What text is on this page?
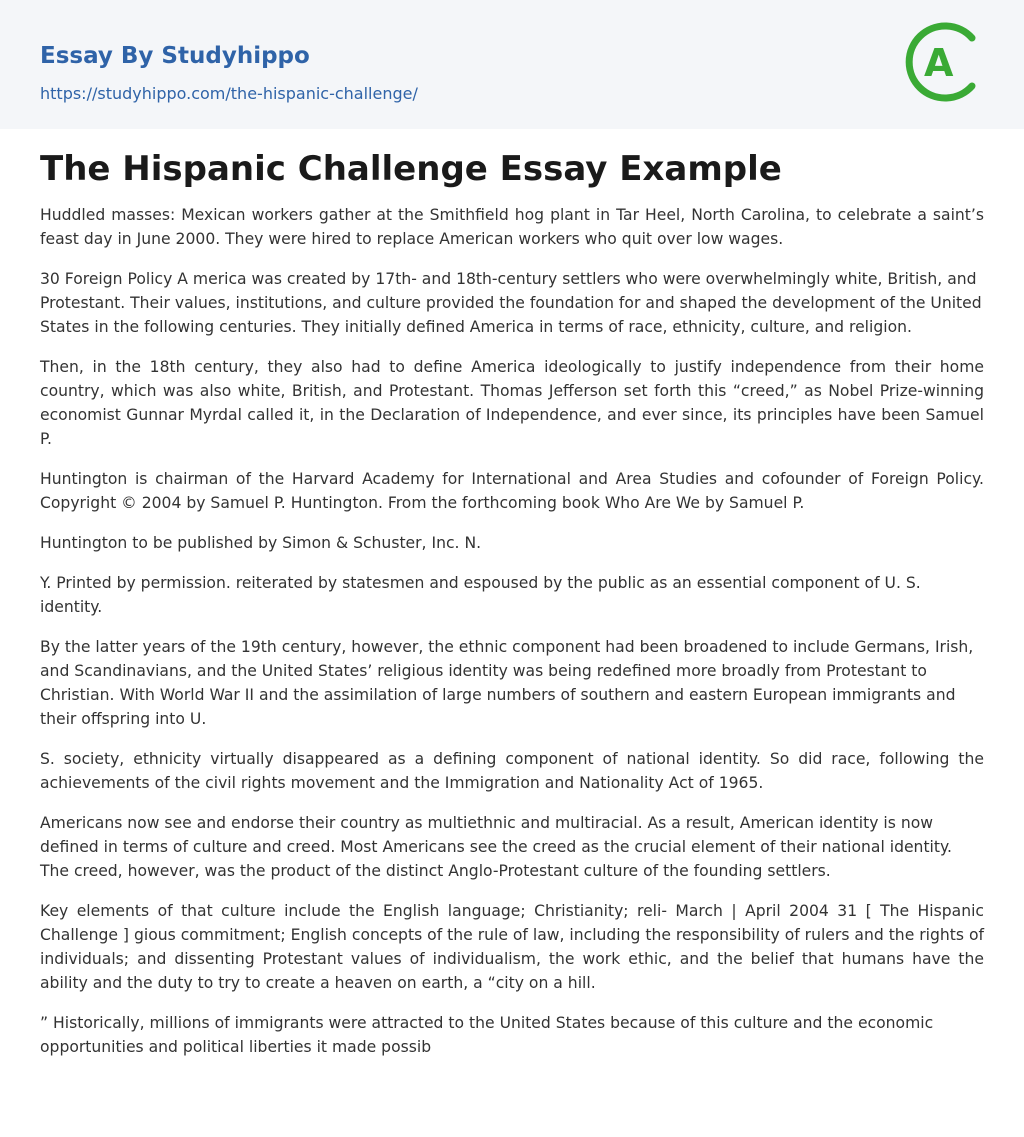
Essay By Studyhippo
https://studyhippo.com/the-hispanic-challenge/
A
The Hispanic Challenge Essay Example

Huddled masses: Mexican workers gather at the Smithfield hog plant in Tar Heel, North Carolina, to celebrate a saint’s feast day in June 2000. They were hired to replace American workers who quit over low wages.

30 Foreign Policy A merica was created by 17th- and 18th-century settlers who were overwhelmingly white, British, and Protestant. Their values, institutions, and culture provided the foundation for and shaped the development of the United States in the following centuries. They initially defined America in terms of race, ethnicity, culture, and religion.

Then, in the 18th century, they also had to define America ideologically to justify independence from their home country, which was also white, British, and Protestant. Thomas Jefferson set forth this “creed,” as Nobel Prize-winning economist Gunnar Myrdal called it, in the Declaration of Independence, and ever since, its principles have been Samuel P.

Huntington is chairman of the Harvard Academy for International and Area Studies and cofounder of Foreign Policy. Copyright © 2004 by Samuel P. Huntington. From the forthcoming book Who Are We by Samuel P.

Huntington to be published by Simon & Schuster, Inc. N.

Y. Printed by permission. reiterated by statesmen and espoused by the public as an essential component of U. S. identity.

By the latter years of the 19th century, however, the ethnic component had been broadened to include Germans, Irish, and Scandinavians, and the United States’ religious identity was being redefined more broadly from Protestant to Christian. With World War II and the assimilation of large numbers of southern and eastern European immigrants and their offspring into U.

S. society, ethnicity virtually disappeared as a defining component of national identity. So did race, following the achievements of the civil rights movement and the Immigration and Nationality Act of 1965.

Americans now see and endorse their country as multiethnic and multiracial. As a result, American identity is now defined in terms of culture and creed. Most Americans see the creed as the crucial element of their national identity. The creed, however, was the product of the distinct Anglo-Protestant culture of the founding settlers.

Key elements of that culture include the English language; Christianity; reli- March | April 2004 31 [ The Hispanic Challenge ] gious commitment; English concepts of the rule of law, including the responsibility of rulers and the rights of individuals; and dissenting Protestant values of individualism, the work ethic, and the belief that humans have the ability and the duty to try to create a heaven on earth, a “city on a hill.

” Historically, millions of immigrants were attracted to the United States because of this culture and the economic opportunities and political liberties it made possib
